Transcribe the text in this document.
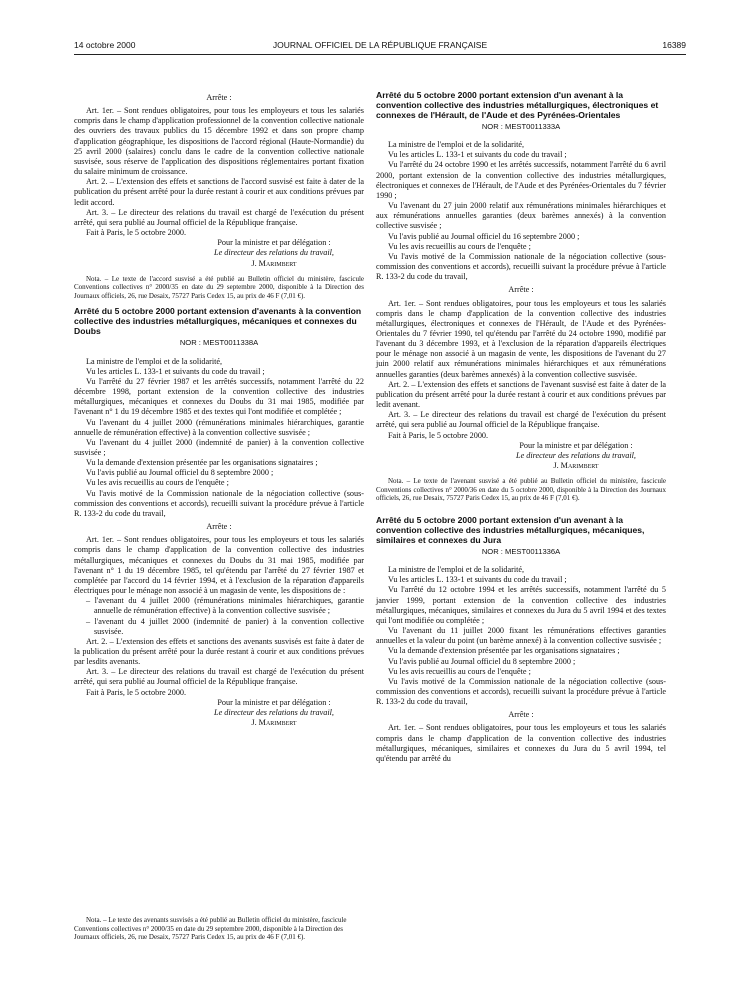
14 octobre 2000	JOURNAL OFFICIEL DE LA RÉPUBLIQUE FRANÇAISE	16389

Arrête :

Art. 1er. – Sont rendues obligatoires, pour tous les employeurs et tous les salariés compris dans le champ d'application professionnel de la convention collective nationale des ouvriers des travaux publics du 15 décembre 1992 et dans son propre champ d'application géographique, les dispositions de l'accord régional (Haute-Normandie) du 25 avril 2000 (salaires) conclu dans le cadre de la convention collective nationale susvisée, sous réserve de l'application des dispositions réglementaires portant fixation du salaire minimum de croissance.

Art. 2. – L'extension des effets et sanctions de l'accord susvisé est faite à dater de la publication du présent arrêté pour la durée restant à courir et aux conditions prévues par ledit accord.

Art. 3. – Le directeur des relations du travail est chargé de l'exécution du présent arrêté, qui sera publié au Journal officiel de la République française.

Fait à Paris, le 5 octobre 2000.

Pour la ministre et par délégation :
Le directeur des relations du travail,
J. Marimbert

Nota. – Le texte de l'accord susvisé a été publié au Bulletin officiel du ministère, fascicule Conventions collectives n° 2000/35 en date du 29 septembre 2000, disponible à la Direction des Journaux officiels, 26, rue Desaix, 75727 Paris Cedex 15, au prix de 46 F (7,01 €).

Arrêté du 5 octobre 2000 portant extension d'avenants à la convention collective des industries métallurgiques, mécaniques et connexes du Doubs
NOR : MEST0011338A

La ministre de l'emploi et de la solidarité,

Vu les articles L. 133-1 et suivants du code du travail ;

Vu l'arrêté du 27 février 1987 et les arrêtés successifs, notamment l'arrêté du 22 décembre 1998, portant extension de la convention collective des industries métallurgiques, mécaniques et connexes du Doubs du 31 mai 1985, modifiée par l'avenant n° 1 du 19 décembre 1985 et des textes qui l'ont modifiée et complétée ;

Vu l'avenant du 4 juillet 2000 (rémunérations minimales hiérarchiques, garantie annuelle de rémunération effective) à la convention collective susvisée ;

Vu l'avenant du 4 juillet 2000 (indemnité de panier) à la convention collective susvisée ;

Vu la demande d'extension présentée par les organisations signataires ;

Vu l'avis publié au Journal officiel du 8 septembre 2000 ;

Vu les avis recueillis au cours de l'enquête ;

Vu l'avis motivé de la Commission nationale de la négociation collective (sous-commission des conventions et accords), recueilli suivant la procédure prévue à l'article R. 133-2 du code du travail,

Arrête :

Art. 1er. – Sont rendues obligatoires, pour tous les employeurs et tous les salariés compris dans le champ d'application de la convention collective des industries métallurgiques, mécaniques et connexes du Doubs du 31 mai 1985, modifiée par l'avenant n° 1 du 19 décembre 1985, tel qu'étendu par l'arrêté du 27 février 1987 et complétée par l'accord du 14 février 1994, et à l'exclusion de la réparation d'appareils électriques pour le ménage non associé à un magasin de vente, les dispositions de :

– l'avenant du 4 juillet 2000 (rémunérations minimales hiérarchiques, garantie annuelle de rémunération effective) à la convention collective susvisée ;
– l'avenant du 4 juillet 2000 (indemnité de panier) à la convention collective susvisée.

Art. 2. – L'extension des effets et sanctions des avenants susvisés est faite à dater de la publication du présent arrêté pour la durée restant à courir et aux conditions prévues par lesdits avenants.

Art. 3. – Le directeur des relations du travail est chargé de l'exécution du présent arrêté, qui sera publié au Journal officiel de la République française.

Fait à Paris, le 5 octobre 2000.

Pour la ministre et par délégation :
Le directeur des relations du travail,
J. Marimbert

Nota. – Le texte des avenants susvisés a été publié au Bulletin officiel du ministère, fascicule Conventions collectives n° 2000/35 en date du 29 septembre 2000, disponible à la Direction des Journaux officiels, 26, rue Desaix, 75727 Paris Cedex 15, au prix de 46 F (7,01 €).

Arrêté du 5 octobre 2000 portant extension d'un avenant à la convention collective des industries métallurgiques, électroniques et connexes de l'Hérault, de l'Aude et des Pyrénées-Orientales
NOR : MEST0011333A

La ministre de l'emploi et de la solidarité,

Vu les articles L. 133-1 et suivants du code du travail ;

Vu l'arrêté du 24 octobre 1990 et les arrêtés successifs, notamment l'arrêté du 6 avril 2000, portant extension de la convention collective des industries métallurgiques, électroniques et connexes de l'Hérault, de l'Aude et des Pyrénées-Orientales du 7 février 1990 ;

Vu l'avenant du 27 juin 2000 relatif aux rémunérations minimales hiérarchiques et aux rémunérations annuelles garanties (deux barèmes annexés) à la convention collective susvisée ;

Vu l'avis publié au Journal officiel du 16 septembre 2000 ;

Vu les avis recueillis au cours de l'enquête ;

Vu l'avis motivé de la Commission nationale de la négociation collective (sous-commission des conventions et accords), recueilli suivant la procédure prévue à l'article R. 133-2 du code du travail,

Arrête :

Art. 1er. – Sont rendues obligatoires, pour tous les employeurs et tous les salariés compris dans le champ d'application de la convention collective des industries métallurgiques, électroniques et connexes de l'Hérault, de l'Aude et des Pyrénées-Orientales du 7 février 1990, tel qu'étendu par l'arrêté du 24 octobre 1990, modifié par l'avenant du 3 décembre 1993, et à l'exclusion de la réparation d'appareils électriques pour le ménage non associé à un magasin de vente, les dispositions de l'avenant du 27 juin 2000 relatif aux rémunérations minimales hiérarchiques et aux rémunérations annuelles garanties (deux barèmes annexés) à la convention collective susvisée.

Art. 2. – L'extension des effets et sanctions de l'avenant susvisé est faite à dater de la publication du présent arrêté pour la durée restant à courir et aux conditions prévues par ledit avenant.

Art. 3. – Le directeur des relations du travail est chargé de l'exécution du présent arrêté, qui sera publié au Journal officiel de la République française.

Fait à Paris, le 5 octobre 2000.

Pour la ministre et par délégation :
Le directeur des relations du travail,
J. Marimbert

Nota. – Le texte de l'avenant susvisé a été publié au Bulletin officiel du ministère, fascicule Conventions collectives n° 2000/36 en date du 5 octobre 2000, disponible à la Direction des Journaux officiels, 26, rue Desaix, 75727 Paris Cedex 15, au prix de 46 F (7,01 €).

Arrêté du 5 octobre 2000 portant extension d'un avenant à la convention collective des industries métallurgiques, mécaniques, similaires et connexes du Jura
NOR : MEST0011336A

La ministre de l'emploi et de la solidarité,

Vu les articles L. 133-1 et suivants du code du travail ;

Vu l'arrêté du 12 octobre 1994 et les arrêtés successifs, notamment l'arrêté du 5 janvier 1999, portant extension de la convention collective des industries métallurgiques, mécaniques, similaires et connexes du Jura du 5 avril 1994 et des textes qui l'ont modifiée ou complétée ;

Vu l'avenant du 11 juillet 2000 fixant les rémunérations effectives garanties annuelles et la valeur du point (un barème annexé) à la convention collective susvisée ;

Vu la demande d'extension présentée par les organisations signataires ;

Vu l'avis publié au Journal officiel du 8 septembre 2000 ;

Vu les avis recueillis au cours de l'enquête ;

Vu l'avis motivé de la Commission nationale de la négociation collective (sous-commission des conventions et accords), recueilli suivant la procédure prévue à l'article R. 133-2 du code du travail,

Arrête :

Art. 1er. – Sont rendues obligatoires, pour tous les employeurs et tous les salariés compris dans le champ d'application de la convention collective des industries métallurgiques, mécaniques, similaires et connexes du Jura du 5 avril 1994, tel qu'étendu par arrêté du
